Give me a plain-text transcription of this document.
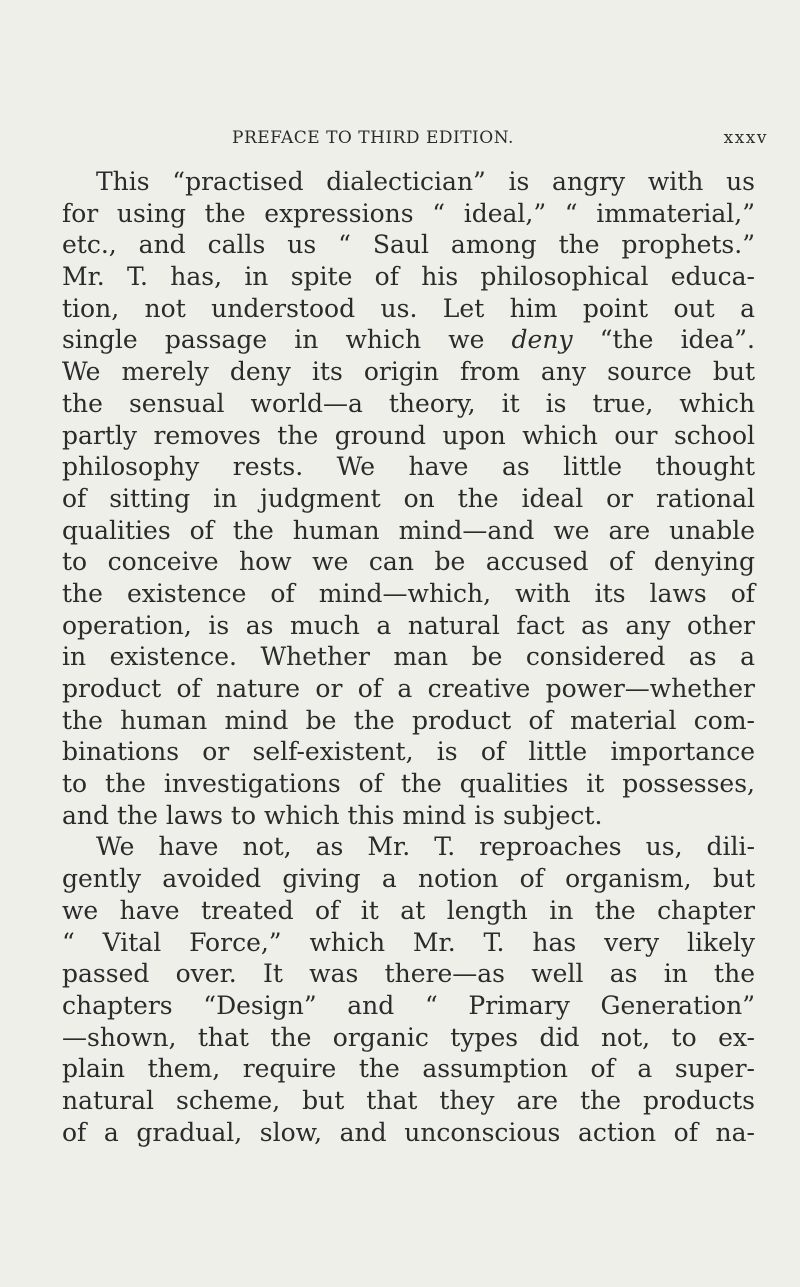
PREFACE TO THIRD EDITION.	xxxv
This “practised dialectician” is angry with us
for using the expressions “ ideal,” “ immaterial,”
etc., and calls us “ Saul among the prophets.”
Mr. T. has, in spite of his philosophical educa-
tion, not understood us. Let him point out a
single passage in which we deny “the idea”.
We merely deny its origin from any source but
the sensual world—a theory, it is true, which
partly removes the ground upon which our school
philosophy rests. We have as little thought
of sitting in judgment on the ideal or rational
qualities of the human mind—and we are unable
to conceive how we can be accused of denying
the existence of mind—which, with its laws of
operation, is as much a natural fact as any other
in existence. Whether man be considered as a
product of nature or of a creative power—whether
the human mind be the product of material com-
binations or self-existent, is of little importance
to the investigations of the qualities it possesses,
and the laws to which this mind is subject.
We have not, as Mr. T. reproaches us, dili-
gently avoided giving a notion of organism, but
we have treated of it at length in the chapter
“ Vital Force,” which Mr. T. has very likely
passed over. It was there—as well as in the
chapters “Design” and “ Primary Generation”
—shown, that the organic types did not, to ex-
plain them, require the assumption of a super-
natural scheme, but that they are the products
of a gradual, slow, and unconscious action of na-
